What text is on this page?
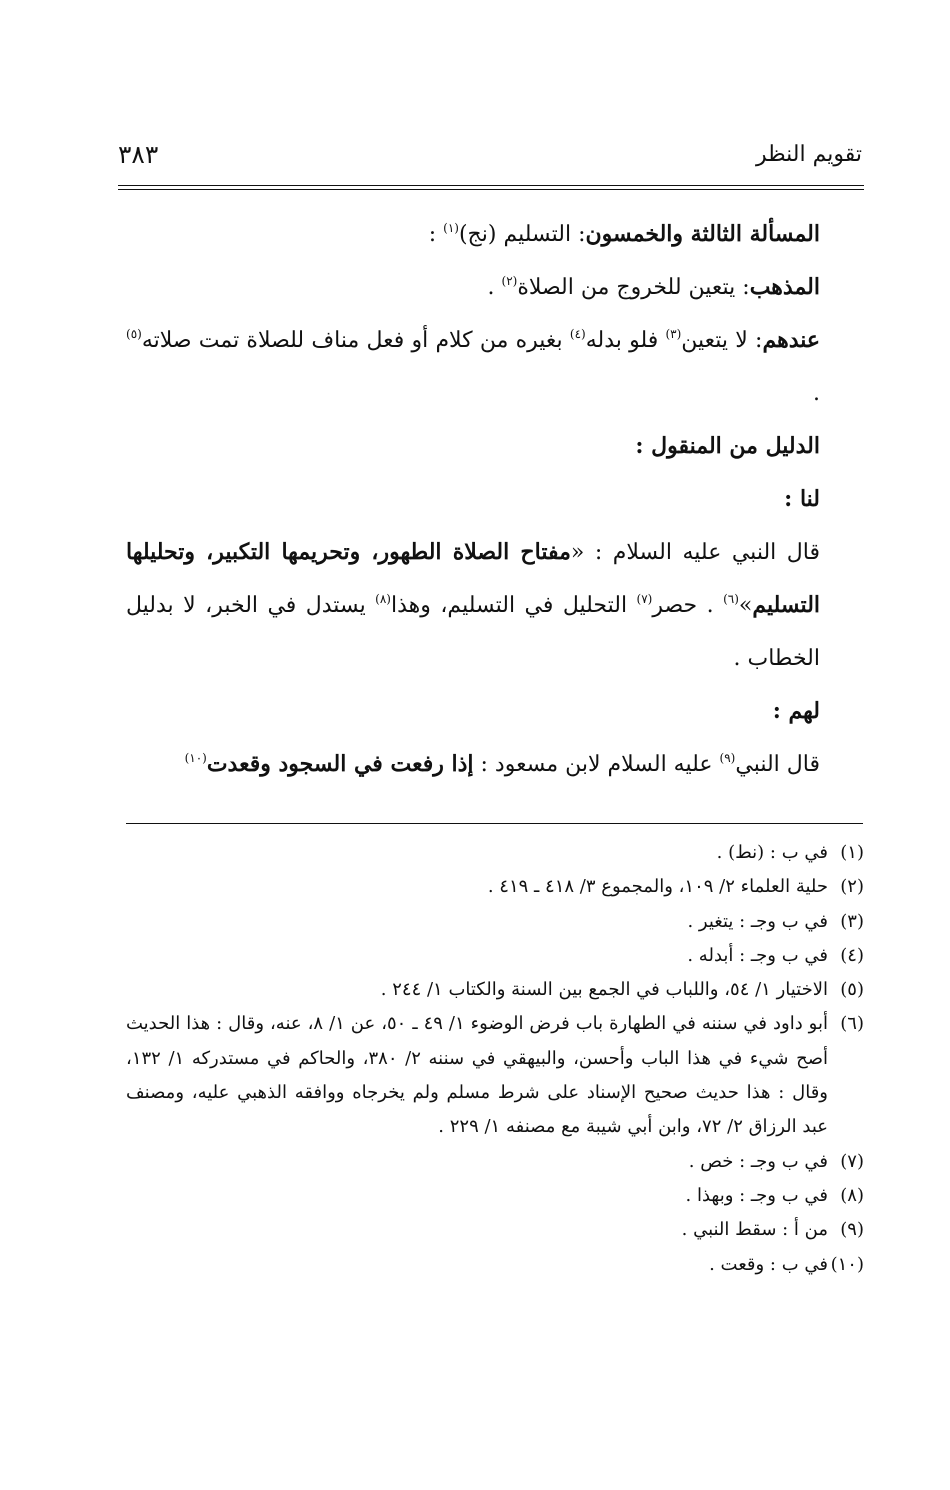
تقويم النظر
٣٨٣

المسألة الثالثة والخمسون: التسليم (نج)$^{(١)}$ :

المذهب: يتعين للخروج من الصلاة$^{(٢)}$ .

عندهم: لا يتعين$^{(٣)}$ فلو بدله$^{(٤)}$ بغيره من كلام أو فعل مناف للصلاة تمت صلاته$^{(٥)}$ .

الدليل من المنقول :

لنا :

قال النبي عليه السلام : «مفتاح الصلاة الطهور، وتحريمها التكبير، وتحليلها التسليم»$^{(٦)}$ . حصر$^{(٧)}$ التحليل في التسليم، وهذا$^{(٨)}$ يستدل في الخبر، لا بدليل الخطاب .

لهم :

قال النبي$^{(٩)}$ عليه السلام لابن مسعود : إذا رفعت في السجود وقعدت$^{(١٠)}$

(١)
في ب : (نط) .
(٢)
حلية العلماء ٢/ ١٠٩، والمجموع ٣/ ٤١٨ ـ ٤١٩ .
(٣)
في ب وجـ : يتغير .
(٤)
في ب وجـ : أبدله .
(٥)
الاختيار ١/ ٥٤، واللباب في الجمع بين السنة والكتاب ١/ ٢٤٤ .
(٦)
أبو داود في سننه في الطهارة باب فرض الوضوء ١/ ٤٩ ـ ٥٠، عن ١/ ٨، عنه، وقال : هذا الحديث أصح شيء في هذا الباب وأحسن، والبيهقي في سننه ٢/ ٣٨٠، والحاكم في مستدركه ١/ ١٣٢، وقال : هذا حديث صحيح الإسناد على شرط مسلم ولم يخرجاه ووافقه الذهبي عليه، ومصنف عبد الرزاق ٢/ ٧٢، وابن أبي شيبة مع مصنفه ١/ ٢٢٩ .
(٧)
في ب وجـ : خص .
(٨)
في ب وجـ : وبهذا .
(٩)
من أ : سقط النبي .
(١٠)
في ب : وقعت .
